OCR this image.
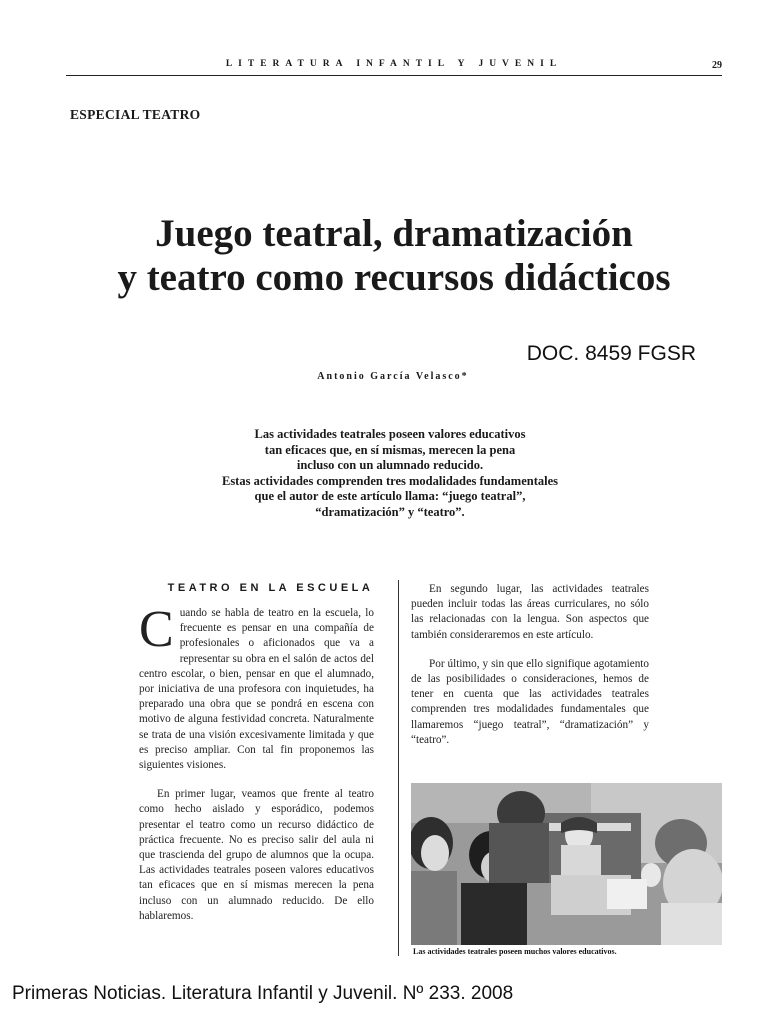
LITERATURA INFANTIL Y JUVENIL	29
ESPECIAL TEATRO
Juego teatral, dramatización
y teatro como recursos didácticos
DOC. 8459 FGSR
Antonio García Velasco*
Las actividades teatrales poseen valores educativos
tan eficaces que, en sí mismas, merecen la pena
incluso con un alumnado reducido.
Estas actividades comprenden tres modalidades fundamentales
que el autor de este artículo llama: “juego teatral”,
“dramatización” y “teatro”.
TEATRO EN LA ESCUELA

Cuando se habla de teatro en la escuela, lo frecuente es pensar en una compañía de profesionales o aficionados que va a representar su obra en el salón de actos del centro escolar, o bien, pensar en que el alumnado, por iniciativa de una profesora con inquietudes, ha preparado una obra que se pondrá en escena con motivo de alguna festividad concreta. Naturalmente se trata de una visión excesivamente limitada y que es preciso ampliar. Con tal fin proponemos las siguientes visiones.

En primer lugar, veamos que frente al teatro como hecho aislado y esporádico, podemos presentar el teatro como un recurso didáctico de práctica frecuente. No es preciso salir del aula ni que trascienda del grupo de alumnos que la ocupa. Las actividades teatrales poseen valores educativos tan eficaces que en sí mismas merecen la pena incluso con un alumnado reducido. De ello hablaremos.

En segundo lugar, las actividades teatrales pueden incluir todas las áreas curriculares, no sólo las relacionadas con la lengua. Son aspectos que también consideraremos en este artículo.

Por último, y sin que ello signifique agotamiento de las posibilidades o consideraciones, hemos de tener en cuenta que las actividades teatrales comprenden tres modalidades fundamentales que llamaremos “juego teatral”, “dramatización” y “teatro”.

Las actividades teatrales poseen muchos valores educativos.
Primeras Noticias. Literatura Infantil y Juvenil. Nº 233. 2008
